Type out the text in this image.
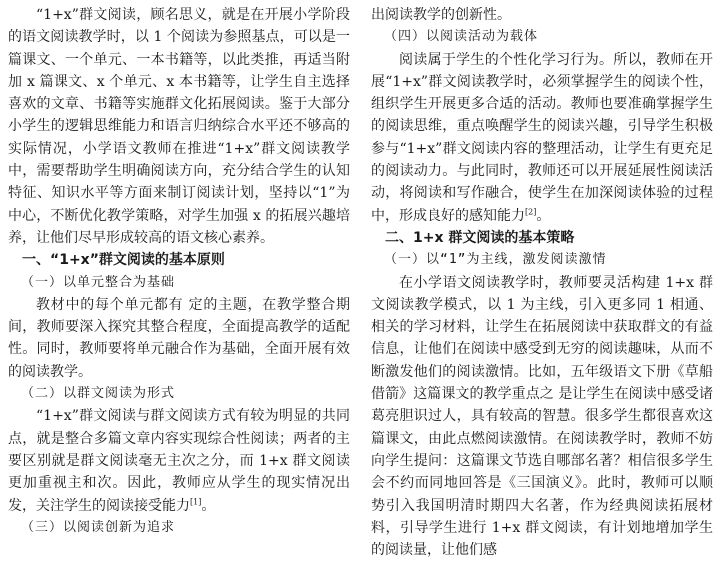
“1+x”群文阅读，顾名思义，就是在开展小学阶段的语文阅读教学时，以 1 个阅读为参照基点，可以是一篇课文、一个单元、一本书籍等，以此类推，再适当附加 x 篇课文、x 个单元、x 本书籍等，让学生自主选择喜欢的文章、书籍等实施群文化拓展阅读。鉴于大部分小学生的逻辑思维能力和语言归纳综合水平还不够高的实际情况，小学语文教师在推进“1+x”群文阅读教学中，需要帮助学生明确阅读方向，充分结合学生的认知特征、知识水平等方面来制订阅读计划，坚持以“1”为中心，不断优化教学策略，对学生加强 x 的拓展兴趣培养，让他们尽早形成较高的语文核心素养。
一、“1+x”群文阅读的基本原则
（一）以单元整合为基础
教材中的每个单元都有 定的主题，在教学整合期间，教师要深入探究其整合程度，全面提高教学的适配性。同时，教师要将单元融合作为基础，全面开展有效的阅读教学。
（二）以群文阅读为形式
“1+x”群文阅读与群文阅读方式有较为明显的共同点，就是整合多篇文章内容实现综合性阅读；两者的主要区别就是群文阅读毫无主次之分，而 1+x 群文阅读更加重视主和次。因此，教师应从学生的现实情况出发，关注学生的阅读接受能力[1]。
（三）以阅读创新为追求
出阅读教学的创新性。
（四）以阅读活动为载体
阅读属于学生的个性化学习行为。所以，教师在开展“1+x”群文阅读教学时，必须掌握学生的阅读个性，组织学生开展更多合适的活动。教师也要准确掌握学生的阅读思维，重点唤醒学生的阅读兴趣，引导学生积极参与“1+x”群文阅读内容的整理活动，让学生有更充足的阅读动力。与此同时，教师还可以开展延展性阅读活动，将阅读和写作融合，使学生在加深阅读体验的过程中，形成良好的感知能力[2]。
二、1+x 群文阅读的基本策略
（一）以“1”为主线，激发阅读激情
在小学语文阅读教学时，教师要灵活构建 1+x 群文阅读教学模式，以 1 为主线，引入更多同 1 相通、相关的学习材料，让学生在拓展阅读中获取群文的有益信息，让他们在阅读中感受到无穷的阅读趣味，从而不断激发他们的阅读激情。比如，五年级语文下册《草船借箭》这篇课文的教学重点之 是让学生在阅读中感受诸葛亮胆识过人，具有较高的智慧。很多学生都很喜欢这篇课文，由此点燃阅读激情。在阅读教学时，教师不妨向学生提问：这篇课文节选自哪部名著？相信很多学生会不约而同地回答是《三国演义》。此时，教师可以顺势引入我国明清时期四大名著，作为经典阅读拓展材料，引导学生进行 1+x 群文阅读，有计划地增加学生的阅读量，让他们感
